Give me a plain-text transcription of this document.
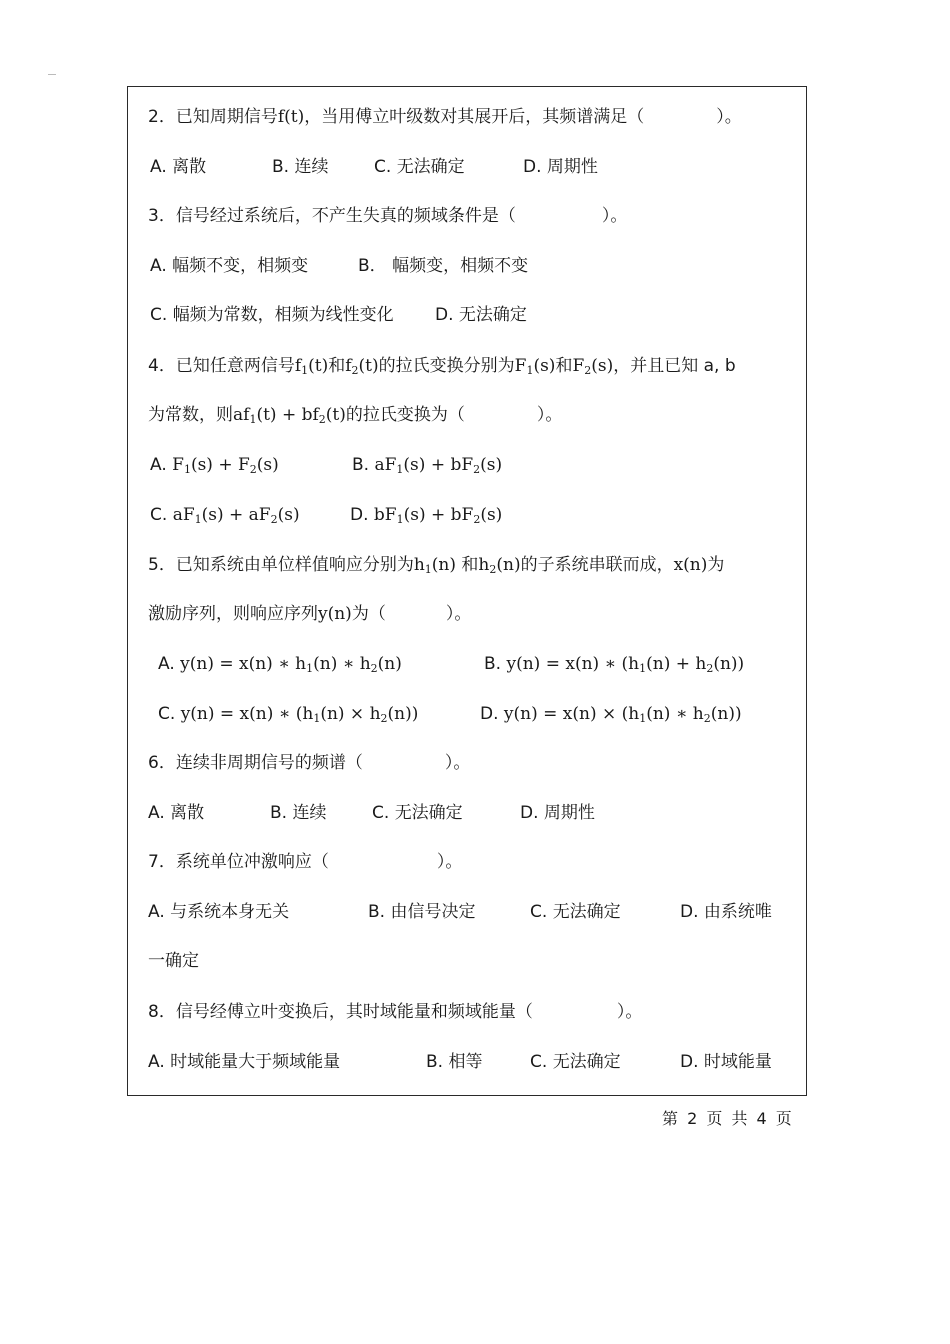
2．已知周期信号f(t)，当用傅立叶级数对其展开后，其频谱满足（	）。
A. 离散	B. 连续	C. 无法确定	D. 周期性
3．信号经过系统后，不产生失真的频域条件是（	）。
A. 幅频不变，相频变	B． 幅频变，相频不变
C. 幅频为常数，相频为线性变化 D. 无法确定
4．已知任意两信号$f_1(t)$和$f_2(t)$的拉氏变换分别为$F_1(s)$和$F_2(s)$，并且已知 a, b
为常数，则$af_1(t) + bf_2(t)$的拉氏变换为（	）。
A. $F_1(s) + F_2(s)$	B. $aF_1(s) + bF_2(s)$
C. $aF_1(s) + aF_2(s)$	D. $bF_1(s) + bF_2(s)$
5．已知系统由单位样值响应分别为$h_1(n)$ 和$h_2(n)$的子系统串联而成，x(n)为
激励序列，则响应序列y(n)为（	）。
A. y(n) = x(n) ∗ $h_1(n)$ ∗ $h_2(n)$	B. y(n) = x(n) ∗ $(h_1(n) + h_2(n))$
C. y(n) = x(n) ∗ $(h_1(n) \times h_2(n))$	D. $y(n) = x(n) \times (h_1(n)$ ∗ $h_2(n)$)
6．连续非周期信号的频谱（	）。
A. 离散	B. 连续	C. 无法确定	D. 周期性
7．系统单位冲激响应（	）。
A. 与系统本身无关	B. 由信号决定	C. 无法确定	D. 由系统唯
一确定
8．信号经傅立叶变换后，其时域能量和频域能量（	）。
A. 时域能量大于频域能量	B. 相等	C. 无法确定	D. 时域能量
第 2 页 共 4 页
